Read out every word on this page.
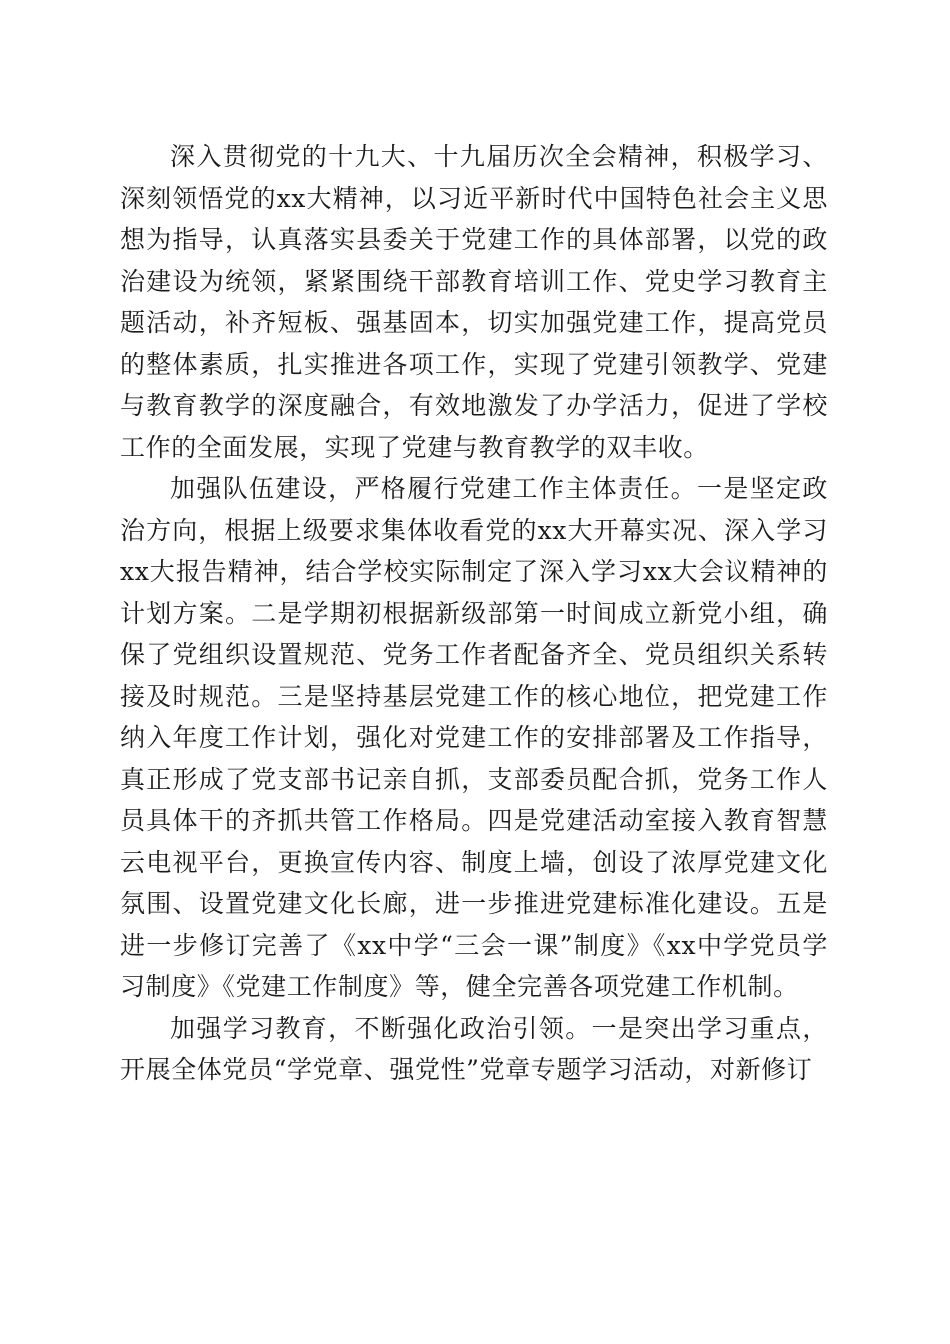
深入贯彻党的十九大、十九届历次全会精神，积极学习、深刻领悟党的xx大精神，以习近平新时代中国特色社会主义思想为指导，认真落实县委关于党建工作的具体部署，以党的政治建设为统领，紧紧围绕干部教育培训工作、党史学习教育主题活动，补齐短板、强基固本，切实加强党建工作，提高党员的整体素质，扎实推进各项工作，实现了党建引领教学、党建与教育教学的深度融合，有效地激发了办学活力，促进了学校工作的全面发展，实现了党建与教育教学的双丰收。

加强队伍建设，严格履行党建工作主体责任。一是坚定政治方向，根据上级要求集体收看党的xx大开幕实况、深入学习xx大报告精神，结合学校实际制定了深入学习xx大会议精神的计划方案。二是学期初根据新级部第一时间成立新党小组，确保了党组织设置规范、党务工作者配备齐全、党员组织关系转接及时规范。三是坚持基层党建工作的核心地位，把党建工作纳入年度工作计划，强化对党建工作的安排部署及工作指导，真正形成了党支部书记亲自抓，支部委员配合抓，党务工作人员具体干的齐抓共管工作格局。四是党建活动室接入教育智慧云电视平台，更换宣传内容、制度上墙，创设了浓厚党建文化氛围、设置党建文化长廊，进一步推进党建标准化建设。五是进一步修订完善了《xx中学“三会一课”制度》《xx中学党员学习制度》《党建工作制度》等，健全完善各项党建工作机制。

加强学习教育，不断强化政治引领。一是突出学习重点，开展全体党员“学党章、强党性”党章专题学习活动，对新修订
